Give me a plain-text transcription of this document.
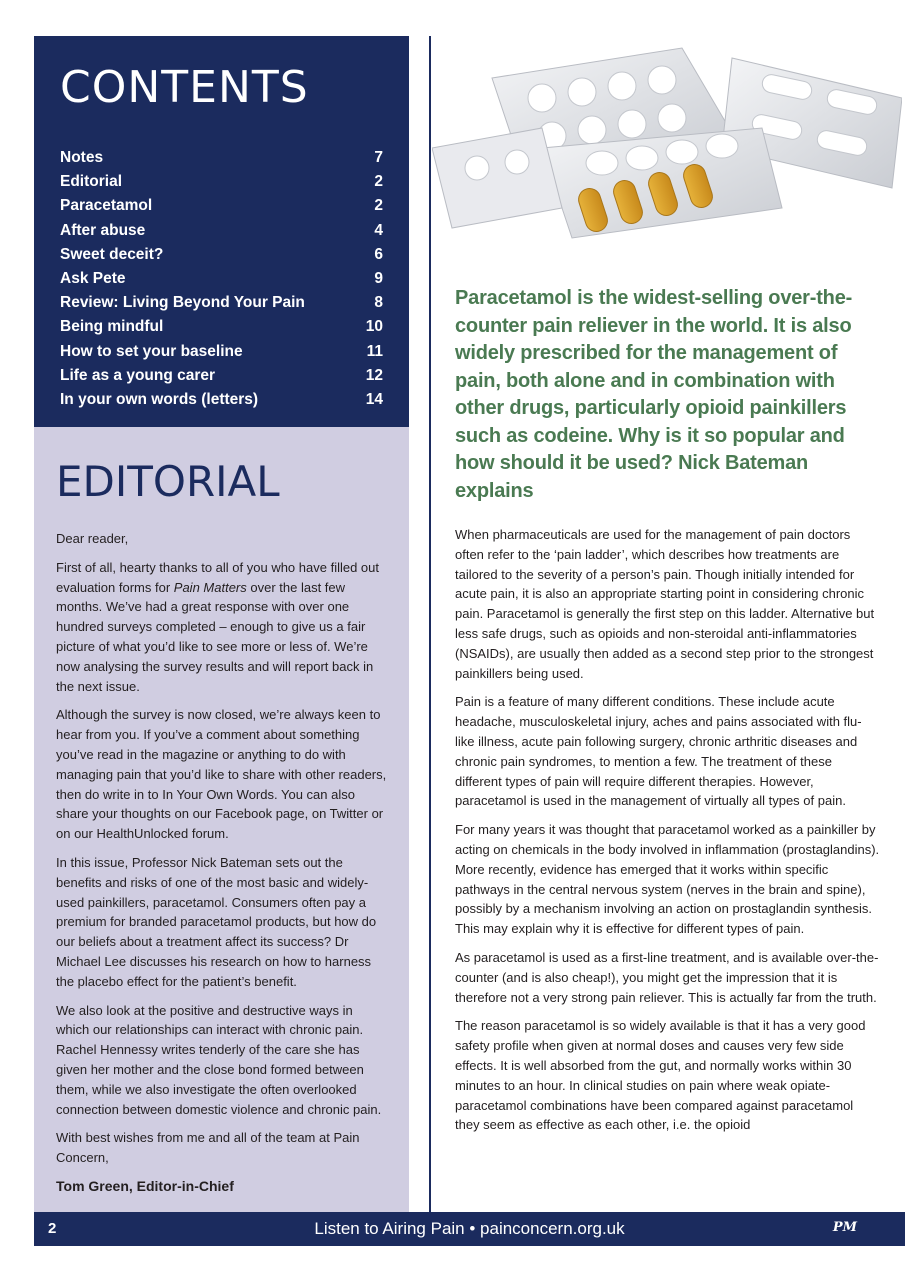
CONTENTS
Notes	7
Editorial	2
Paracetamol	2
After abuse	4
Sweet deceit?	6
Ask Pete	9
Review: Living Beyond Your Pain	8
Being mindful	10
How to set your baseline	11
Life as a young carer	12
In your own words (letters)	14
EDITORIAL

Dear reader,

First of all, hearty thanks to all of you who have filled out evaluation forms for Pain Matters over the last few months. We’ve had a great response with over one hundred surveys completed – enough to give us a fair picture of what you’d like to see more or less of. We’re now analysing the survey results and will report back in the next issue.

Although the survey is now closed, we’re always keen to hear from you. If you’ve a comment about something you’ve read in the magazine or anything to do with managing pain that you’d like to share with other readers, then do write in to In Your Own Words. You can also share your thoughts on our Facebook page, on Twitter or on our HealthUnlocked forum.

In this issue, Professor Nick Bateman sets out the benefits and risks of one of the most basic and widely-used painkillers, paracetamol. Consumers often pay a premium for branded paracetamol products, but how do our beliefs about a treatment affect its success? Dr Michael Lee discusses his research on how to harness the placebo effect for the patient’s benefit.

We also look at the positive and destructive ways in which our relationships can interact with chronic pain. Rachel Hennessy writes tenderly of the care she has given her mother and the close bond formed between them, while we also investigate the often overlooked connection between domestic violence and chronic pain.

With best wishes from me and all of the team at Pain Concern,

Tom Green, Editor-in-Chief

Paracetamol is the widest-selling over-the-counter pain reliever in the world. It is also widely prescribed for the management of pain, both alone and in combination with other drugs, particularly opioid painkillers such as codeine. Why is it so popular and how should it be used? Nick Bateman explains

When pharmaceuticals are used for the management of pain doctors often refer to the ‘pain ladder’, which describes how treatments are tailored to the severity of a person’s pain. Though initially intended for acute pain, it is also an appropriate starting point in considering chronic pain. Paracetamol is generally the first step on this ladder. Alternative but less safe drugs, such as opioids and non-steroidal anti-inflammatories (NSAIDs), are usually then added as a second step prior to the strongest painkillers being used.

Pain is a feature of many different conditions. These include acute headache, musculoskeletal injury, aches and pains associated with flu-like illness, acute pain following surgery, chronic arthritic diseases and chronic pain syndromes, to mention a few. The treatment of these different types of pain will require different therapies. However, paracetamol is used in the management of virtually all types of pain.

For many years it was thought that paracetamol worked as a painkiller by acting on chemicals in the body involved in inflammation (prostaglandins). More recently, evidence has emerged that it works within specific pathways in the central nervous system (nerves in the brain and spine), possibly by a mechanism involving an action on prostaglandin synthesis. This may explain why it is effective for different types of pain.

As paracetamol is used as a first-line treatment, and is available over-the-counter (and is also cheap!), you might get the impression that it is therefore not a very strong pain reliever. This is actually far from the truth.

The reason paracetamol is so widely available is that it has a very good safety profile when given at normal doses and causes very few side effects. It is well absorbed from the gut, and normally works within 30 minutes to an hour. In clinical studies on pain where weak opiate-paracetamol combinations have been compared against paracetamol they seem as effective as each other, i.e. the opioid

2	Listen to Airing Pain • painconcern.org.uk	PM
